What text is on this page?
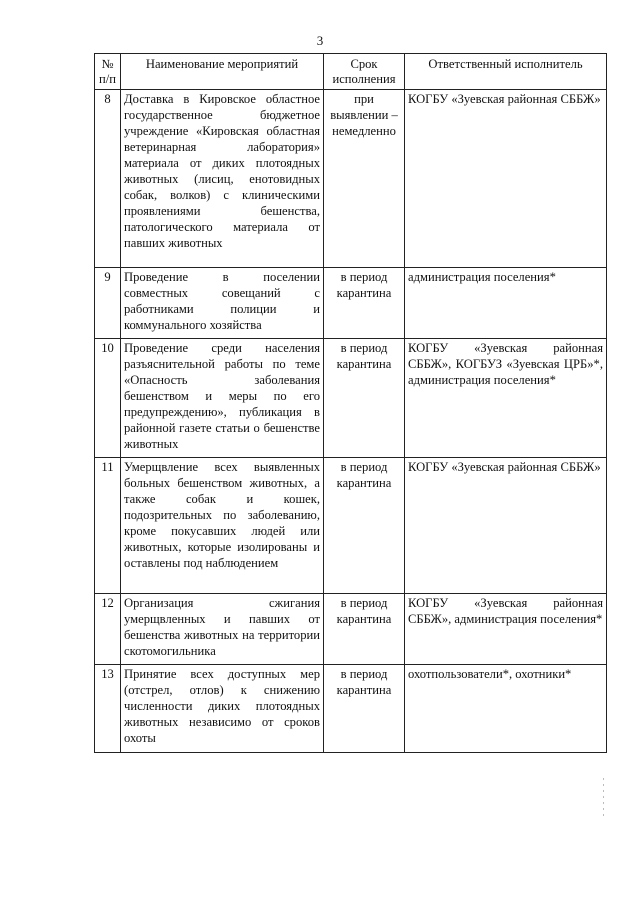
3
№ п/п	Наименование мероприятий	Срок исполнения	Ответственный исполнитель
8	Доставка в Кировское областное государственное бюджетное учреждение «Кировская областная ветеринарная лаборатория» материала от диких плотоядных животных (лисиц, енотовидных собак, волков) с клиническими проявлениями бешенства, патологического материала от павших животных	при выявлении – немедленно	КОГБУ «Зуевская районная СББЖ»
9	Проведение в поселении совместных совещаний с работниками полиции и коммунального хозяйства	в период карантина	администрация поселения*
10	Проведение среди населения разъяснительной работы по теме «Опасность заболевания бешенством и меры по его предупреждению», публикация в районной газете статьи о бешенстве животных	в период карантина	КОГБУ «Зуевская районная СББЖ», КОГБУЗ «Зуевская ЦРБ»*, администрация поселения*
11	Умерщвление всех выявленных больных бешенством животных, а также собак и кошек, подозрительных по заболеванию, кроме покусавших людей или животных, которые изолированы и оставлены под наблюдением	в период карантина	КОГБУ «Зуевская районная СББЖ»
12	Организация сжигания умерщвленных и павших от бешенства животных на территории скотомогильника	в период карантина	КОГБУ «Зуевская районная СББЖ», администрация поселения*
13	Принятие всех доступных мер (отстрел, отлов) к снижению численности диких плотоядных животных независимо от сроков охоты	в период карантина	охотпользователи*, охотники*
